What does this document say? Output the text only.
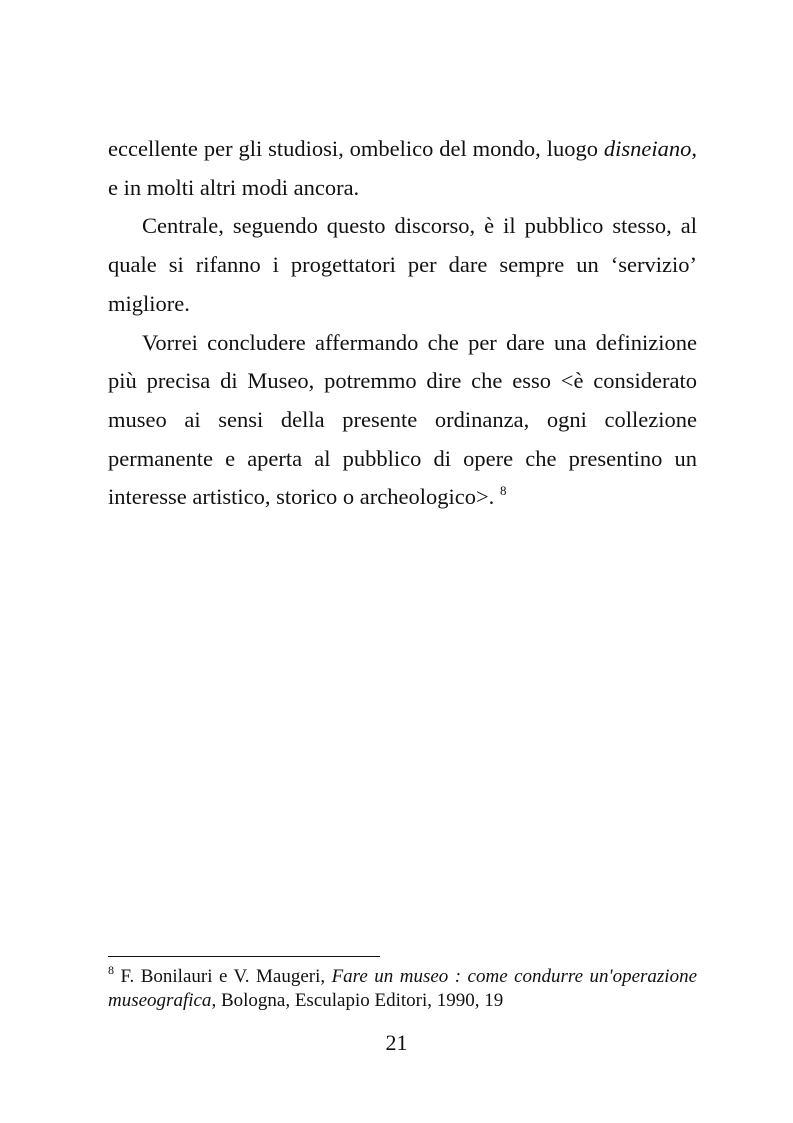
eccellente per gli studiosi, ombelico del mondo, luogo disneiano, e in molti altri modi ancora.

Centrale, seguendo questo discorso, è il pubblico stesso, al quale si rifanno i progettatori per dare sempre un ‘servizio’ migliore.

Vorrei concludere affermando che per dare una definizione più precisa di Museo, potremmo dire che esso <è considerato museo ai sensi della presente ordinanza, ogni collezione permanente e aperta al pubblico di opere che presentino un interesse artistico, storico o archeologico>. $^8$

$^8$ F. Bonilauri e V. Maugeri, Fare un museo : come condurre un'operazione museografica, Bologna, Esculapio Editori, 1990, 19
21
